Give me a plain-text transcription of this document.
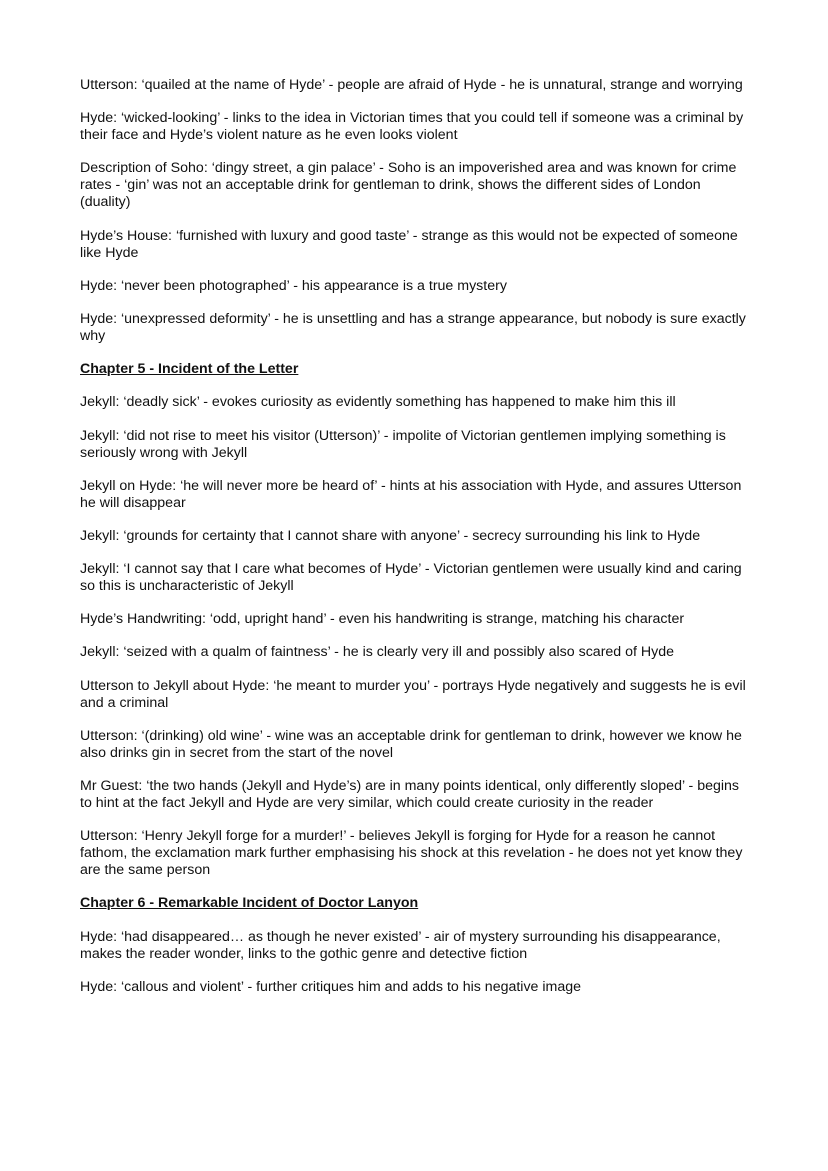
Utterson: ‘quailed at the name of Hyde’ - people are afraid of Hyde - he is unnatural, strange and worrying

Hyde: ‘wicked-looking’ - links to the idea in Victorian times that you could tell if someone was a criminal by their face and Hyde’s violent nature as he even looks violent

Description of Soho: ‘dingy street, a gin palace’ - Soho is an impoverished area and was known for crime rates - ‘gin’ was not an acceptable drink for gentleman to drink, shows the different sides of London (duality)

Hyde’s House: ‘furnished with luxury and good taste’ - strange as this would not be expected of someone like Hyde

Hyde: ‘never been photographed’ - his appearance is a true mystery

Hyde: ‘unexpressed deformity’ - he is unsettling and has a strange appearance, but nobody is sure exactly why

Chapter 5 - Incident of the Letter

Jekyll: ‘deadly sick’ - evokes curiosity as evidently something has happened to make him this ill

Jekyll: ‘did not rise to meet his visitor (Utterson)’ - impolite of Victorian gentlemen implying something is seriously wrong with Jekyll

Jekyll on Hyde: ‘he will never more be heard of’ - hints at his association with Hyde, and assures Utterson he will disappear

Jekyll: ‘grounds for certainty that I cannot share with anyone’ - secrecy surrounding his link to Hyde

Jekyll: ‘I cannot say that I care what becomes of Hyde’ - Victorian gentlemen were usually kind and caring so this is uncharacteristic of Jekyll

Hyde’s Handwriting: ‘odd, upright hand’ - even his handwriting is strange, matching his character

Jekyll: ‘seized with a qualm of faintness’ - he is clearly very ill and possibly also scared of Hyde

Utterson to Jekyll about Hyde: ‘he meant to murder you’ - portrays Hyde negatively and suggests he is evil and a criminal

Utterson: ‘(drinking) old wine’ - wine was an acceptable drink for gentleman to drink, however we know he also drinks gin in secret from the start of the novel

Mr Guest: ‘the two hands (Jekyll and Hyde’s) are in many points identical, only differently sloped’ - begins to hint at the fact Jekyll and Hyde are very similar, which could create curiosity in the reader

Utterson: ‘Henry Jekyll forge for a murder!’ - believes Jekyll is forging for Hyde for a reason he cannot fathom, the exclamation mark further emphasising his shock at this revelation - he does not yet know they are the same person

Chapter 6 - Remarkable Incident of Doctor Lanyon

Hyde: ‘had disappeared… as though he never existed’ - air of mystery surrounding his disappearance, makes the reader wonder, links to the gothic genre and detective fiction

Hyde: ‘callous and violent’ - further critiques him and adds to his negative image
